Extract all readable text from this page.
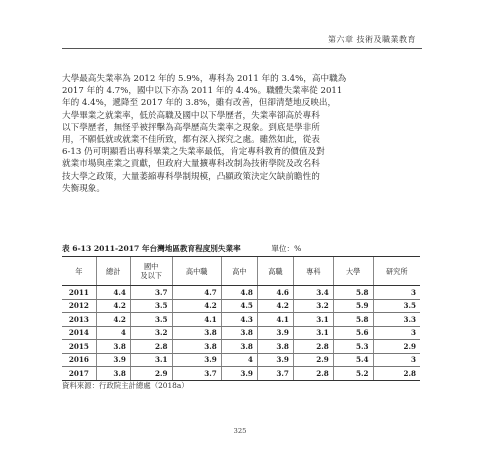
第六章 技術及職業教育
大學最高失業率為 2012 年的 5.9%，專科為 2011 年的 3.4%，高中職為
2017 年的 4.7%，國中以下亦為 2011 年的 4.4%。職體失業率從 2011
年的 4.4%，遞降至 2017 年的 3.8%，雖有改善，但卻清楚地反映出，
大學畢業之就業率，低於高職及國中以下學歷者，失業率卻高於專科
以下學歷者，無怪乎被抨擊為高學歷高失業率之現象。到底是學非所
用，不願低就或就業不佳所致，都有深入探究之處。雖然如此，從表
6-13 仍可明顯看出專科畢業之失業率最低，肯定專科教育的價值及對
就業市場與產業之貢獻，但政府大量擴專科改制為技術學院及改名科
技大學之政策，大量萎縮專科學制規模，凸顯政策決定欠缺前瞻性的
失衡現象。
表 6-13 2011-2017 年台灣地區教育程度別失業率	單位：%
年	總計	國中
及以下	高中職	高中	高職	專科	大學	研究所
2011	4.4	3.7	4.7	4.8	4.6	3.4	5.8	3
2012	4.2	3.5	4.2	4.5	4.2	3.2	5.9	3.5
2013	4.2	3.5	4.1	4.3	4.1	3.1	5.8	3.3
2014	4	3.2	3.8	3.8	3.9	3.1	5.6	3
2015	3.8	2.8	3.8	3.8	3.8	2.8	5.3	2.9
2016	3.9	3.1	3.9	4	3.9	2.9	5.4	3
2017	3.8	2.9	3.7	3.9	3.7	2.8	5.2	2.8
資料來源：行政院主計總處（2018a）
325
